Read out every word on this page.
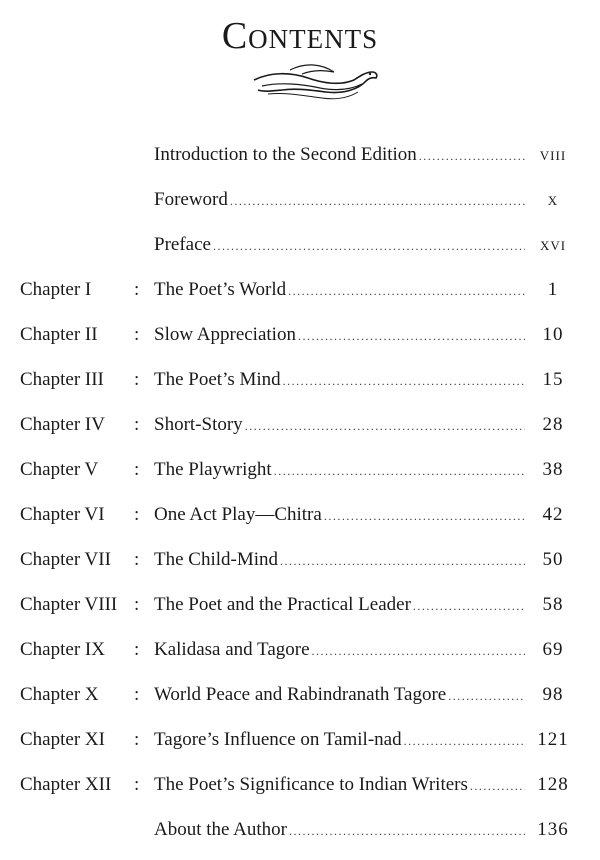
Contents
Introduction to the Second Edition .....	viii
Foreword .....	x
Preface .....	xvi
Chapter I : The Poet’s World .....	1
Chapter II : Slow Appreciation .....	10
Chapter III : The Poet’s Mind .....	15
Chapter IV : Short-Story .....	28
Chapter V : The Playwright .....	38
Chapter VI : One Act Play—Chitra .....	42
Chapter VII : The Child-Mind .....	50
Chapter VIII : The Poet and the Practical Leader .....	58
Chapter IX : Kalidasa and Tagore .....	69
Chapter X : World Peace and Rabindranath Tagore .....	98
Chapter XI : Tagore’s Influence on Tamil-nad .....	121
Chapter XII : The Poet’s Significance to Indian Writers .....	128
About the Author .....	136
